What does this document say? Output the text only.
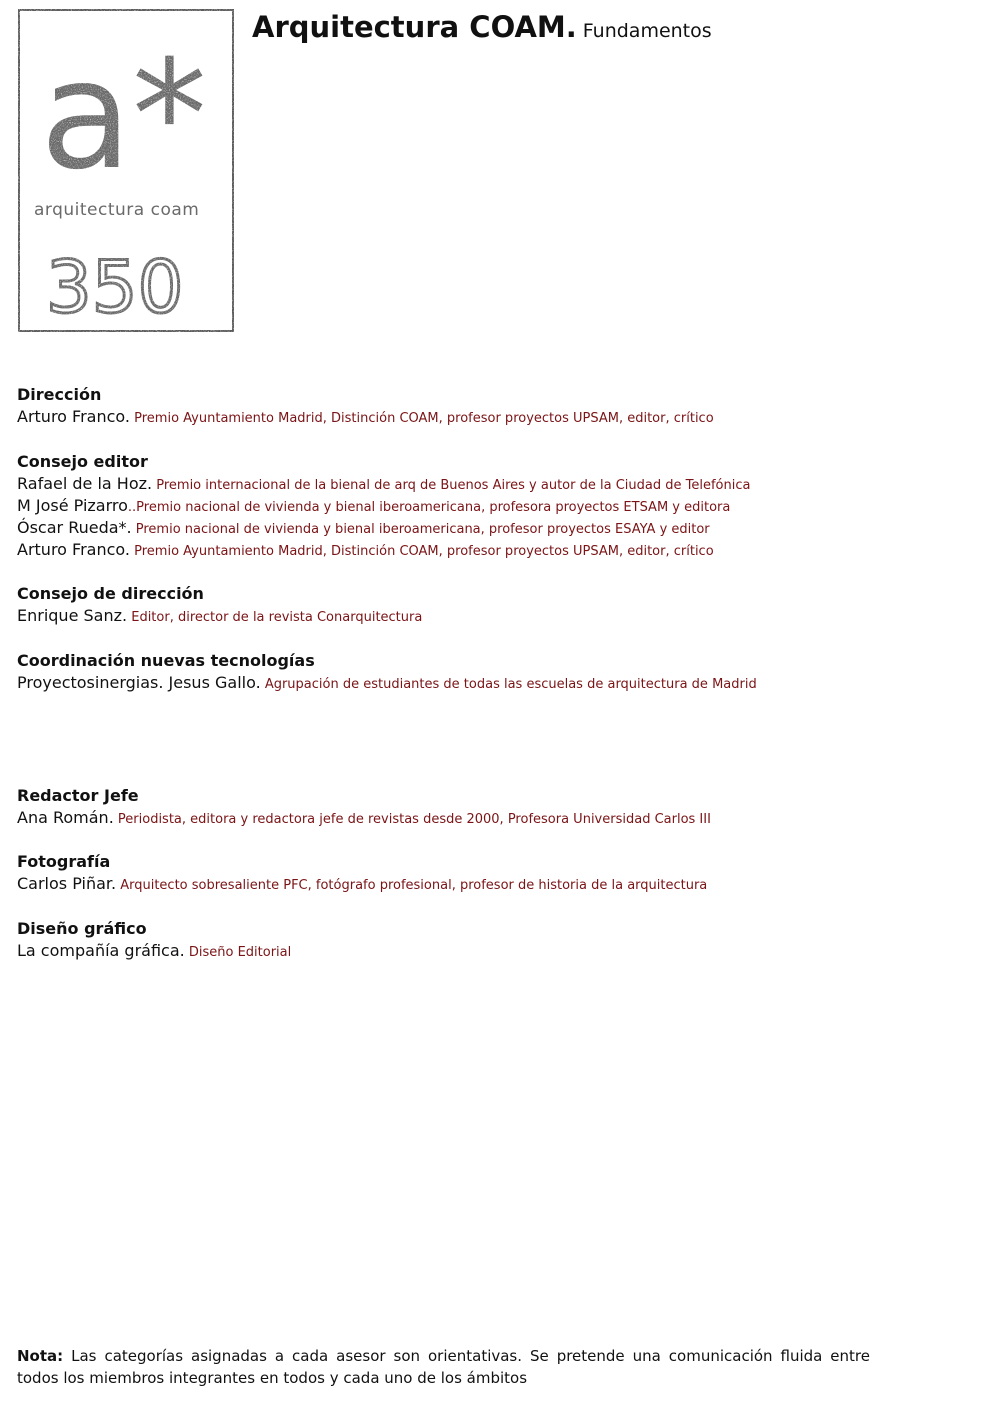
a*
arquitectura coam
350
Arquitectura COAM. Fundamentos
Dirección
Arturo Franco. Premio Ayuntamiento Madrid, Distinción COAM, profesor proyectos UPSAM, editor, crítico
Consejo editor
Rafael de la Hoz. Premio internacional de la bienal de arq de Buenos Aires y autor de la Ciudad de Telefónica
M José Pizarro..Premio nacional de vivienda y bienal iberoamericana, profesora proyectos ETSAM y editora
Óscar Rueda*. Premio nacional de vivienda y bienal iberoamericana, profesor proyectos ESAYA y editor
Arturo Franco. Premio Ayuntamiento Madrid, Distinción COAM, profesor proyectos UPSAM, editor, crítico
Consejo de dirección
Enrique Sanz. Editor, director de la revista Conarquitectura
Coordinación nuevas tecnologías
Proyectosinergias. Jesus Gallo. Agrupación de estudiantes de todas las escuelas de arquitectura de Madrid
Redactor Jefe
Ana Román. Periodista, editora y redactora jefe de revistas desde 2000, Profesora Universidad Carlos III
Fotografía
Carlos Piñar. Arquitecto sobresaliente PFC, fotógrafo profesional, profesor de historia de la arquitectura
Diseño gráfico
La compañía gráfica. Diseño Editorial
Nota: Las categorías asignadas a cada asesor son orientativas. Se pretende una comunicación fluida entre todos los miembros integrantes en todos y cada uno de los ámbitos
